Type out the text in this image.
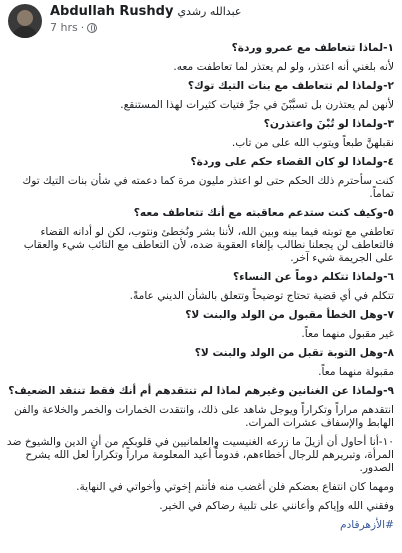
Abdullah Rushdy عبدالله رشدي
7 hrs ·

١-لماذا تتعاطف مع عمرو وردة؟

لأنه بلغني أنه اعتذر، ولو لم يعتذر لما تعاطفت معه.

٢-ولماذا لم تتعاطف مع بنات التيك توك؟

لأنهن لم يعتذرن بل تسبَّبْنَ في جرِّ فتيات كثيرات لهذا المستنقع.

٣-ولماذا لو تُبْنَ واعتذرن؟

نقبلهنَّ طبعاً ويتوب الله على من تاب.

٤-ولماذا لو كان القضاء حكم على وردة؟

كنت سأحترم ذلك الحكم حتى لو اعتذر مليون مرة كما دعمته في شأن بنات التيك توك تماماً.

٥-وكيف كنت ستدعم معاقبته مع أنك تتعاطف معه؟

تعاطفي مع توبته فيما بينه وبين الله، لأننا بشر ونُخطئ ونتوب، لكن لو أدانه القضاء فالتعاطف لن يجعلنا نطالب بإلغاء العقوبة ضده، لأن التعاطف مع التائب شيء والعقاب على الجريمة شيء آخر.

٦-ولماذا تتكلم دوماً عن النساء؟

تتكلم في أي قضية تحتاج توضيحاً وتتعلق بالشأن الديني عامةً.

٧-وهل الخطأ مقبول من الولد والبنت لا؟

غير مقبول منهما معاً.

٨-وهل التوبة تقبل من الولد والبنت لا؟

مقبولة منهما معاً.

٩-ولماذا عن الغنانين وغيرهم لماذا لم تنتقدهم أم أنك فقط تنتقد الضعيف؟

انتقدهم مراراً وتكراراً ويوجل شاهد على ذلك، وانتقدت الخمارات والخمر والخلاعة والفن الهابط والإسفاف عشرات المرات.

١٠-أنا أحاول أن أزيلَ ما زرعه الغنيسيت والعلمانيين في قلوبكم من أن الدين والشيوخ ضد المرأة، وتبريرهم للرجال أخطاءهم، فدوماً أعيد المعلومة مراراً وتكراراً لعل الله يشرح الصدور.

ومهما كان انتفاع بعضكم فلن أغضب منه فأنتم إخوتي وأخواتي في النهاية.

وفقني الله وإياكم وأعانني على تلبية رضاكم في الخير.

#الأزهرقادم
